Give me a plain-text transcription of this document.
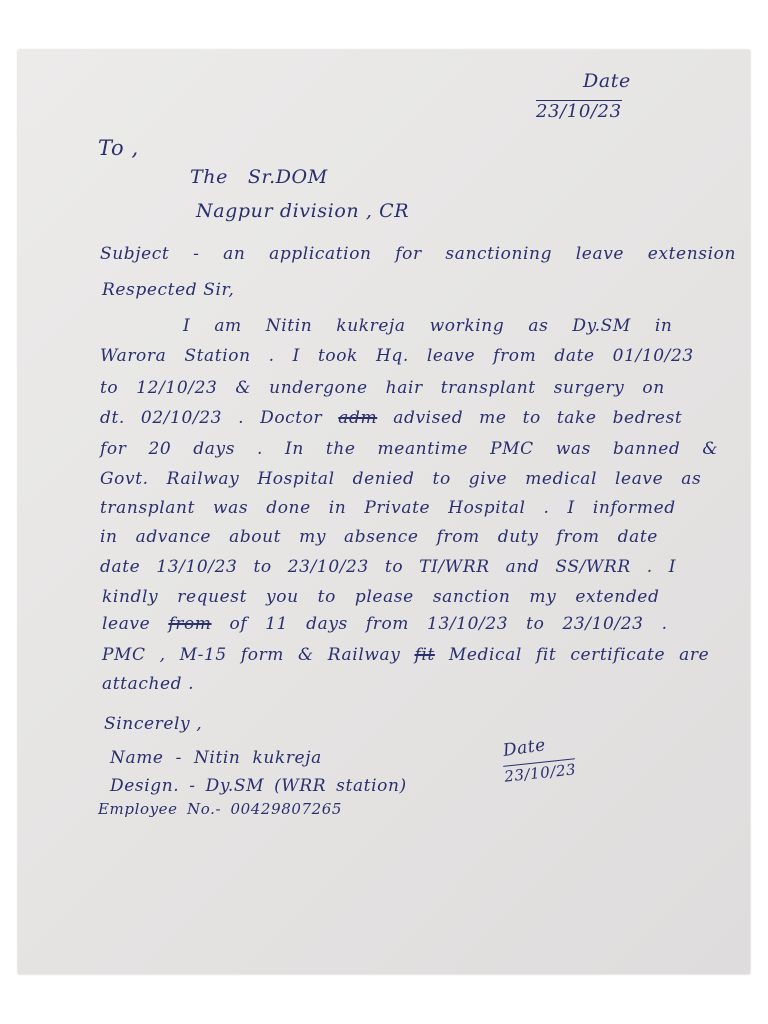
Date
23/10/23
To ,
The   Sr.DOM
Nagpur division , CR
Subject - an application for sanctioning leave extension
Respected Sir,
I am Nitin kukreja working as Dy.SM in
Warora Station . I took Hq. leave from date 01/10/23
to 12/10/23 & undergone hair transplant surgery on
dt. 02/10/23 . Doctor adm advised me to take bedrest
for 20 days . In the meantime PMC was banned &
Govt. Railway Hospital denied to give medical leave as
transplant was done in Private Hospital . I informed
in advance about my absence from duty from date
date 13/10/23 to 23/10/23 to TI/WRR and SS/WRR . I
kindly request you to please sanction my extended
leave from of 11 days from 13/10/23 to 23/10/23 .
PMC , M-15 form & Railway fit Medical fit certificate are
attached .
Sincerely ,
Name - Nitin kukreja
Design. - Dy.SM (WRR station)
Employee No.- 00429807265
Date
23/10/23
